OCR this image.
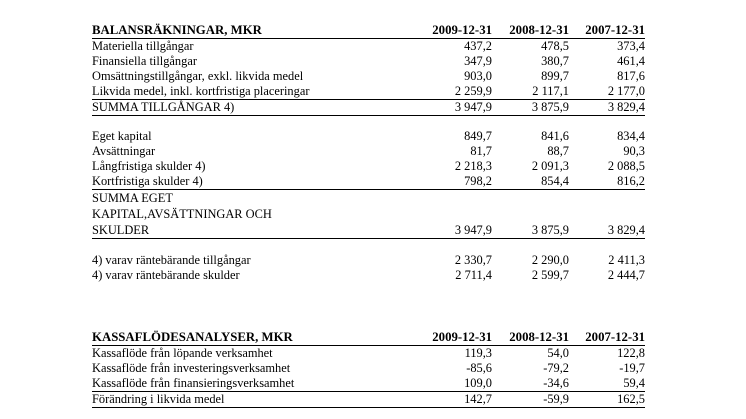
BALANSRÄKNINGAR, MKR	2009-12-31 2008-12-31 2007-12-31
Materiella tillgångar	437,2	478,5	373,4
Finansiella tillgångar	347,9	380,7	461,4
Omsättningstillgångar, exkl. likvida medel	903,0	899,7	817,6
Likvida medel, inkl. kortfristiga placeringar	2 259,9	2 117,1	2 177,0
SUMMA TILLGÅNGAR 4)	3 947,9	3 875,9	3 829,4
Eget kapital	849,7	841,6	834,4
Avsättningar	81,7	88,7	90,3
Långfristiga skulder 4)	2 218,3	2 091,3	2 088,5
Kortfristiga skulder 4)	798,2	854,4	816,2
SUMMA EGET
KAPITAL,AVSÄTTNINGAR OCH
SKULDER	3 947,9	3 875,9	3 829,4
4) varav räntebärande tillgångar	2 330,7	2 290,0	2 411,3
4) varav räntebärande skulder	2 711,4	2 599,7	2 444,7
KASSAFLÖDESANALYSER, MKR	2009-12-31 2008-12-31 2007-12-31
Kassaflöde från löpande verksamhet	119,3	54,0	122,8
Kassaflöde från investeringsverksamhet	-85,6	-79,2	-19,7
Kassaflöde från finansieringsverksamhet	109,0	-34,6	59,4
Förändring i likvida medel	142,7	-59,9	162,5
